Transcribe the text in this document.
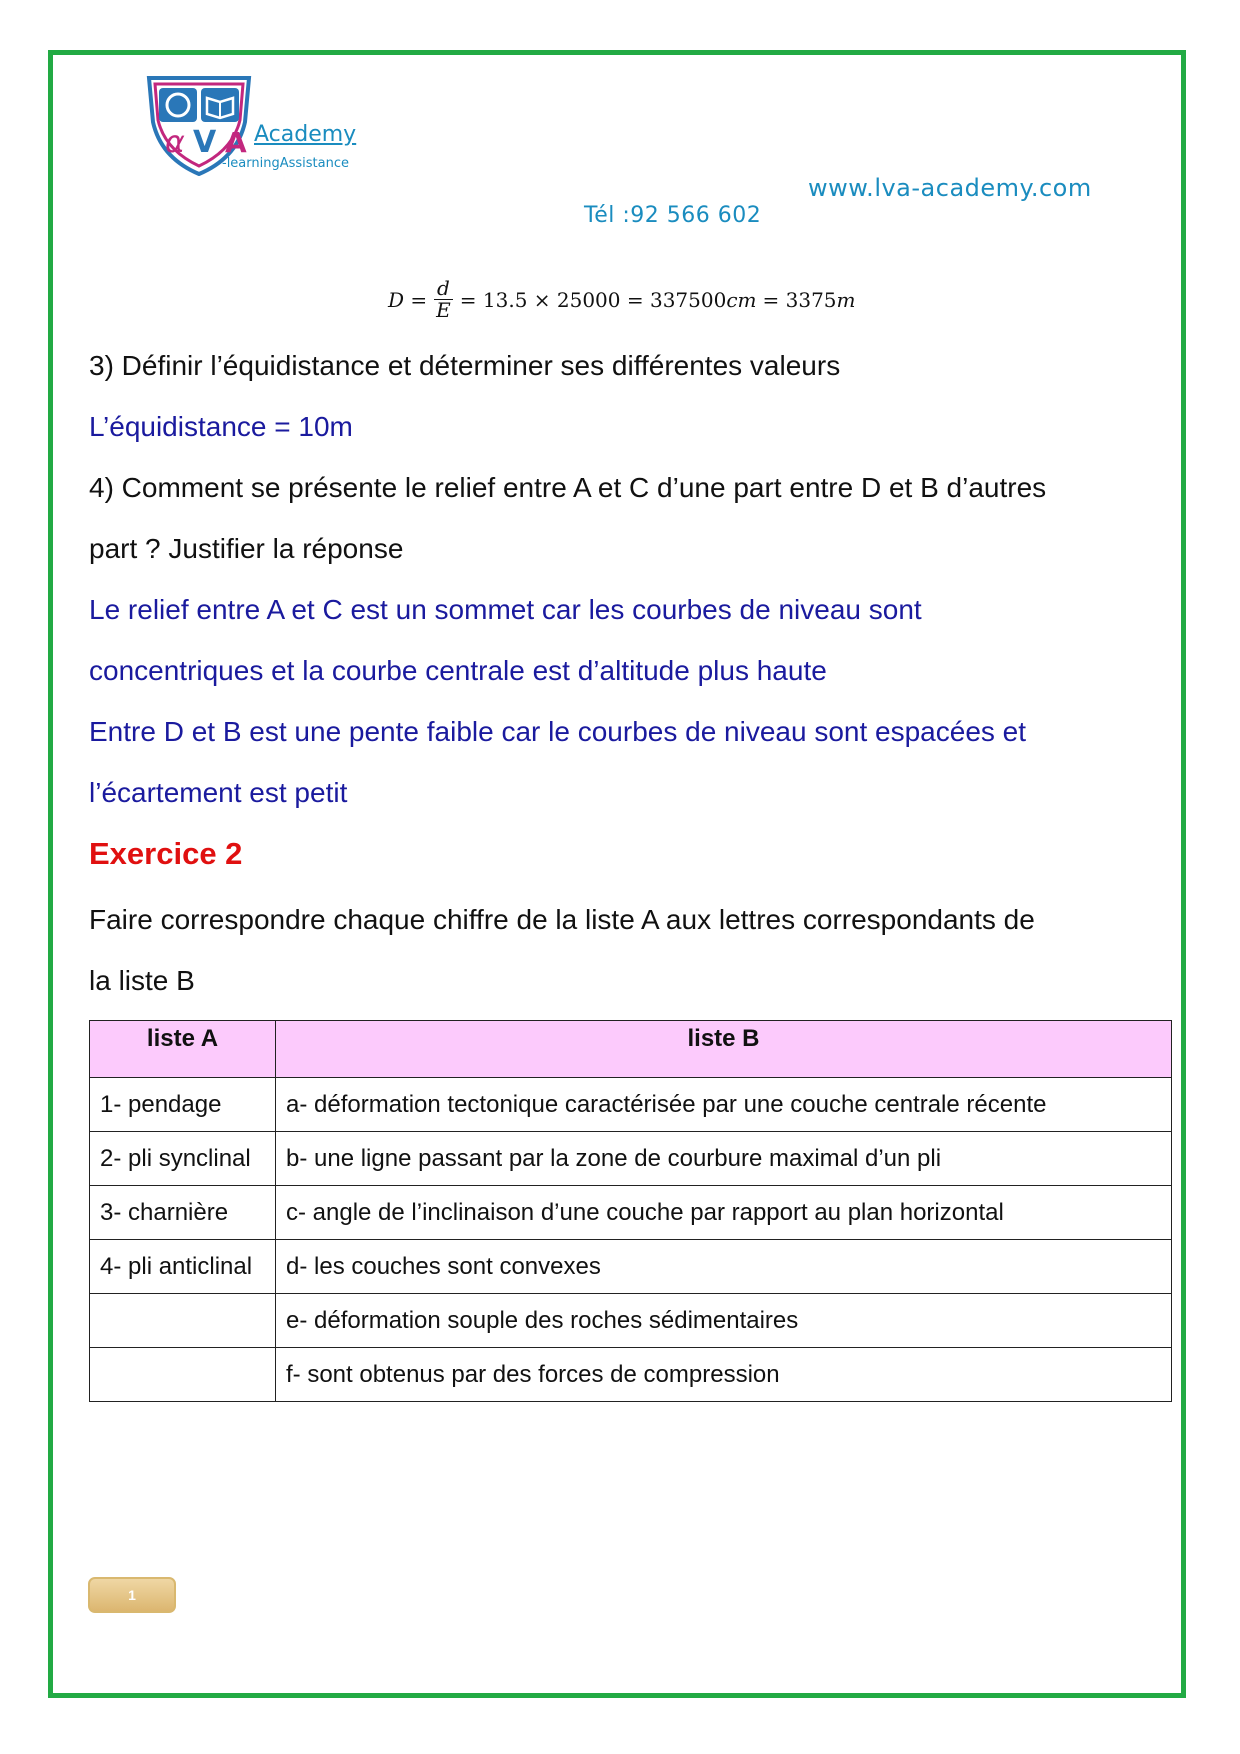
α V A Academy
-learningAssistance
www.lva-academy.com
Tél :92 566 602
$D = \frac{d}{E} = 13.5 \times 25000 = 337500$ cm = 3375 m
3) Définir l’équidistance et déterminer ses différentes valeurs
L’équidistance = 10m
4) Comment se présente le relief entre A et C d’une part entre D et B d’autres
part ? Justifier la réponse
Le relief entre A et C est un sommet car les courbes de niveau sont
concentriques et la courbe centrale est d’altitude plus haute
Entre D et B est une pente faible car le courbes de niveau sont espacées et
l’écartement est petit
Exercice 2
Faire correspondre chaque chiffre de la liste A aux lettres correspondants de
la liste B
liste A	liste B
1- pendage	a- déformation tectonique caractérisée par une couche centrale récente
2- pli synclinal	b- une ligne passant par la zone de courbure maximal d’un pli
3- charnière	c- angle de l’inclinaison d’une couche par rapport au plan horizontal
4- pli anticlinal	d- les couches sont convexes
	e- déformation souple des roches sédimentaires
	f- sont obtenus par des forces de compression
1
